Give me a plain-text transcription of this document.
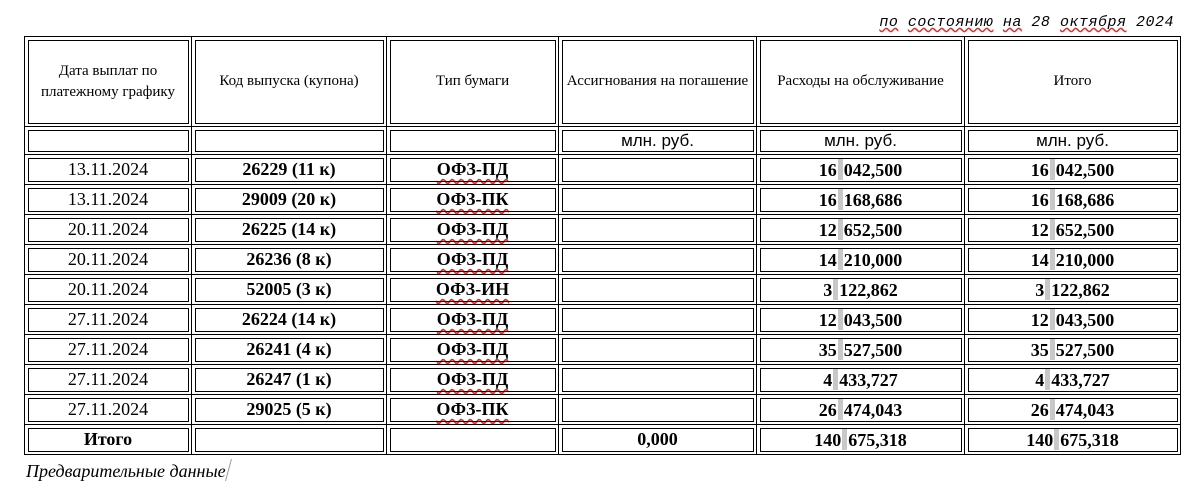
по состоянию на 28 октября 2024
Дата выплат по платежному графику	Код выпуска (купона)	Тип бумаги	Ассигнования на погашение	Расходы на обслуживание	Итого
			млн. руб.	млн. руб.	млн. руб.
13.11.2024	26229 (11 к)	ОФЗ-ПД		16 042,500	16 042,500
13.11.2024	29009 (20 к)	ОФЗ-ПК		16 168,686	16 168,686
20.11.2024	26225 (14 к)	ОФЗ-ПД		12 652,500	12 652,500
20.11.2024	26236 (8 к)	ОФЗ-ПД		14 210,000	14 210,000
20.11.2024	52005 (3 к)	ОФЗ-ИН		3 122,862	3 122,862
27.11.2024	26224 (14 к)	ОФЗ-ПД		12 043,500	12 043,500
27.11.2024	26241 (4 к)	ОФЗ-ПД		35 527,500	35 527,500
27.11.2024	26247 (1 к)	ОФЗ-ПД		4 433,727	4 433,727
27.11.2024	29025 (5 к)	ОФЗ-ПК		26 474,043	26 474,043
Итого			0,000	140 675,318	140 675,318
Предварительные данные
